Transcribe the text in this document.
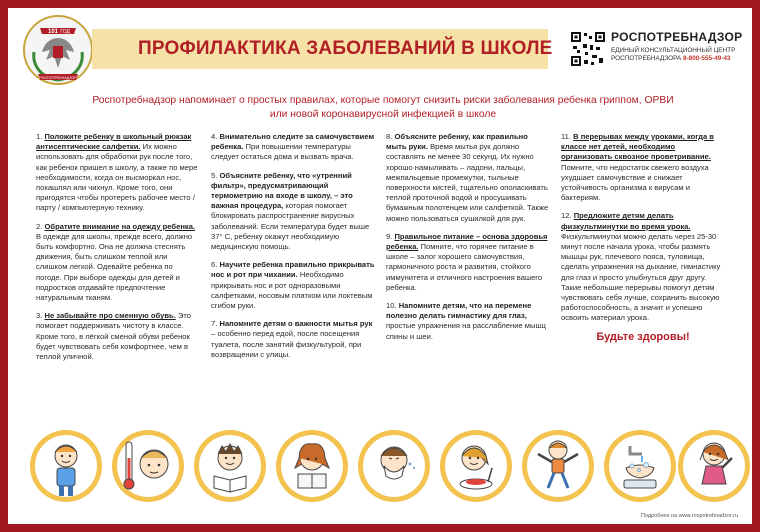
101 ГОД
РОСПОТРЕБНАДЗОР
ПРОФИЛАКТИКА ЗАБОЛЕВАНИЙ В ШКОЛЕ
РОСПОТРЕБНАДЗОР
ЕДИНЫЙ КОНСУЛЬТАЦИОННЫЙ ЦЕНТР
РОСПОТРЕБНАДЗОРА 8-800-555-49-43
Роспотребнадзор напоминает о простых правилах, которые помогут снизить риски заболевания ребенка гриппом, ОРВИ
или новой коронавирусной инфекцией в школе
1. Положите ребенку в школьный рюкзак антисептические салфетки. Их можно использовать для обработки рук после того, как ребенок пришел в школу, а также по мере необходимости, когда он высморкал нос, покашлял или чихнул. Кроме того, они пригодятся чтобы протереть рабочее место / парту / компьютерную технику.
2. Обратите внимание на одежду ребенка. В одежде для школы, прежде всего, должно быть комфортно. Она не должна стеснять движения, быть слишком теплой или слишком легкой. Одевайте ребенка по погоде. При выборе одежды для детей и подростков отдавайте предпочтение натуральным тканям.
3. Не забывайте про сменную обувь. Это помогает поддерживать чистоту в классе. Кроме того, в лёгкой сменой обуви ребенок будет чувствовать себя комфортнее, чем в теплой уличной.
4. Внимательно следите за самочувствием ребенка. При повышении температуры следует остаться дома и вызвать врача.
5. Объясните ребенку, что «утренний фильтр», предусматривающий термометрию на входе в школу, – это важная процедура, которая помогает блокировать распространение вирусных заболеваний. Если температура будет выше 37° С, ребенку окажут необходимую медицинскую помощь.
6. Научите ребенка правильно прикрывать нос и рот при чихании. Необходимо прикрывать нос и рот одноразовыми салфетками, носовым платком или локтевым сгибом руки.
7. Напомните детям о важности мытья рук – особенно перед едой, после посещения туалета, после занятий физкультурой, при возвращении с улицы.
8. Объясните ребенку, как правильно мыть руки. Время мытья рук должно составлять не менее 30 секунд. Их нужно хорошо намыливать – ладони, пальцы, межпальцевые промежутки, тыльные поверхности кистей, тщательно ополаскивать теплой проточной водой и просушивать бумажным полотенцем или салфеткой. Также можно пользоваться сушилкой для рук.
9. Правильное питание – основа здоровья ребенка. Помните, что горячее питание в школе – залог хорошего самочувствия, гармоничного роста и развития, стойкого иммунитета и отличного настроения вашего ребенка.
10. Напомните детям, что на перемене полезно делать гимнастику для глаз, простые упражнения на расслабление мышц спины и шеи.
11. В перерывах между уроками, когда в классе нет детей, необходимо организовать сквозное проветривание. Помните, что недостаток свежего воздуха ухудшает самочувствие и снижает устойчивость организма к вирусам и бактериям.
12. Предложите детям делать физкультминутки во время урока. Физкультминутки можно делать через 25-30 минут после начала урока, чтобы размять мышцы рук, плечевого пояса, туловища, сделать упражнения на дыхание, гимнастику для глаз и просто улыбнуться друг другу. Такие небольшие перерывы помогут детям чувствовать себя лучше, сохранить высокую работоспособность, а значит и успешно освоить материал урока.
Будьте здоровы!
Подробнее на www.rospotrebnadzor.ru
